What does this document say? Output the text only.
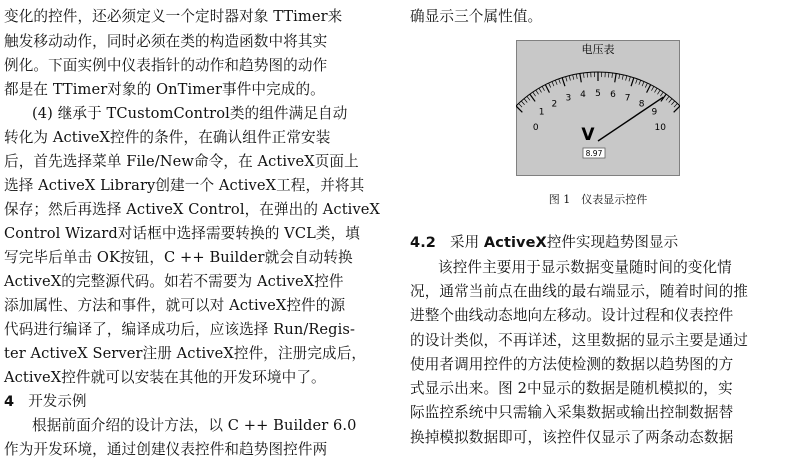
变化的控件，还必须定义一个定时器对象 TTimer来
触发移动动作，同时必须在类的构造函数中将其实
例化。下面实例中仪表指针的动作和趋势图的动作
都是在 TTimer对象的 OnTimer事件中完成的。
(4) 继承于 TCustomControl类的组件满足自动
转化为 ActiveX控件的条件，在确认组件正常安装
后，首先选择菜单 File/New命令，在 ActiveX页面上
选择 ActiveX Library创建一个 ActiveX工程，并将其
保存；然后再选择 ActiveX Control，在弹出的 ActiveX
Control Wizard对话框中选择需要转换的 VCL类，填
写完毕后单击 OK按钮，C ++ Builder就会自动转换
ActiveX的完整源代码。如若不需要为 ActiveX控件
添加属性、方法和事件，就可以对 ActiveX控件的源
代码进行编译了，编译成功后，应该选择 Run/Regis-
ter ActiveX Server注册 ActiveX控件，注册完成后，
ActiveX控件就可以安装在其他的开发环境中了。
4 开发示例
根据前面介绍的设计方法，以 C ++ Builder 6.0
作为开发环境，通过创建仪表控件和趋势图控件两
确显示三个属性值。
电压表
0
1
2
3 4 5 6 7
8
9
10
V
8.97
图 1　仪表显示控件
4.2 采用 ActiveX控件实现趋势图显示
该控件主要用于显示数据变量随时间的变化情
况，通常当前点在曲线的最右端显示，随着时间的推
进整个曲线动态地向左移动。设计过程和仪表控件
的设计类似，不再详述，这里数据的显示主要是通过
使用者调用控件的方法使检测的数据以趋势图的方
式显示出来。图 2中显示的数据是随机模拟的，实
际监控系统中只需输入采集数据或输出控制数据替
换掉模拟数据即可，该控件仅显示了两条动态数据
